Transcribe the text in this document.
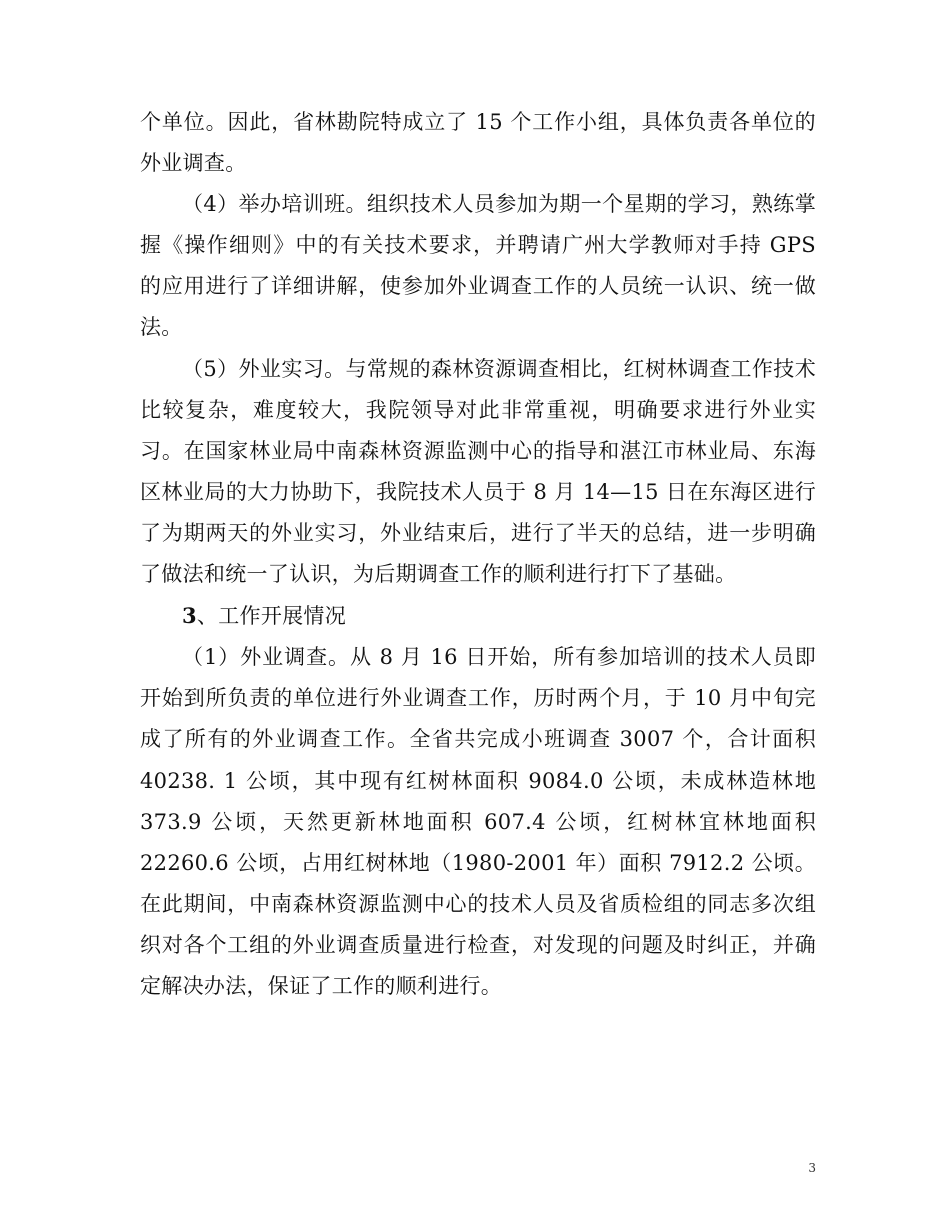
个单位。因此，省林勘院特成立了 15 个工作小组，具体负责各单位的外业调查。

（4）举办培训班。组织技术人员参加为期一个星期的学习，熟练掌握《操作细则》中的有关技术要求，并聘请广州大学教师对手持 GPS 的应用进行了详细讲解，使参加外业调查工作的人员统一认识、统一做法。

（5）外业实习。与常规的森林资源调查相比，红树林调查工作技术比较复杂，难度较大，我院领导对此非常重视，明确要求进行外业实习。在国家林业局中南森林资源监测中心的指导和湛江市林业局、东海区林业局的大力协助下，我院技术人员于 8 月 14—15 日在东海区进行了为期两天的外业实习，外业结束后，进行了半天的总结，进一步明确了做法和统一了认识，为后期调查工作的顺利进行打下了基础。

3、工作开展情况

（1）外业调查。从 8 月 16 日开始，所有参加培训的技术人员即开始到所负责的单位进行外业调查工作，历时两个月，于 10 月中旬完成了所有的外业调查工作。全省共完成小班调查 3007 个，合计面积 40238. 1 公顷，其中现有红树林面积 9084.0 公顷，未成林造林地 373.9 公顷，天然更新林地面积 607.4 公顷，红树林宜林地面积 22260.6 公顷，占用红树林地（1980-2001 年）面积 7912.2 公顷。在此期间，中南森林资源监测中心的技术人员及省质检组的同志多次组织对各个工组的外业调查质量进行检查，对发现的问题及时纠正，并确定解决办法，保证了工作的顺利进行。

3
